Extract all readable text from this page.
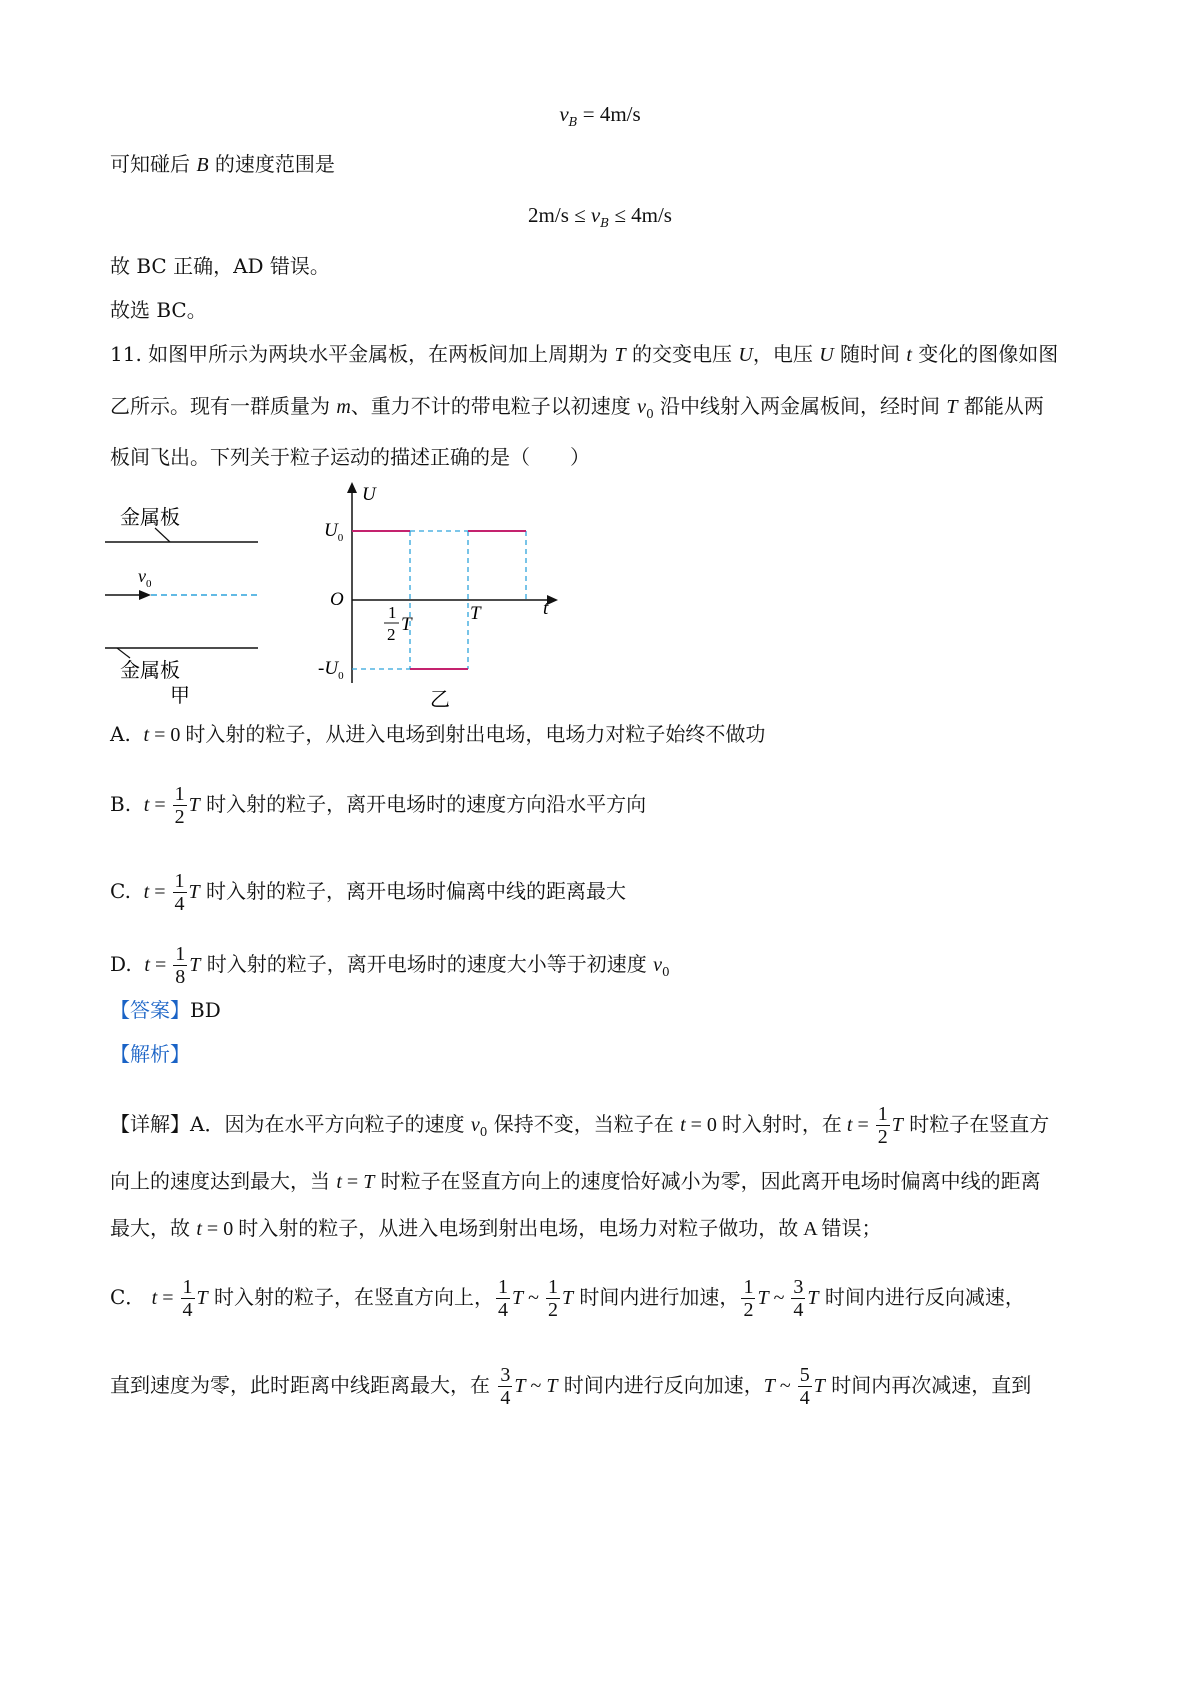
$v_B = 4m/s$
可知碰后 B 的速度范围是
$2m/s \le v_B \le 4m/s$
故 BC 正确，AD 错误。
故选 BC。
11. 如图甲所示为两块水平金属板，在两板间加上周期为 T 的交变电压 U，电压 U 随时间 t 变化的图像如图
乙所示。现有一群质量为 m、重力不计的带电粒子以初速度 $v_0$ 沿中线射入两金属板间，经时间 T 都能从两
板间飞出。下列关于粒子运动的描述正确的是（　　）
金属板
$v_0$
金属板
甲
U
t
O
$U_0$
$-U_0$
1
2 T
T
乙
A. t = 0 时入射的粒子，从进入电场到射出电场，电场力对粒子始终不做功
B. $t = \frac{1}{2}$ T 时入射的粒子，离开电场时的速度方向沿水平方向
C. $t = \frac{1}{4}$ T 时入射的粒子，离开电场时偏离中线的距离最大
D. $t = \frac{1}{8}$ T 时入射的粒子，离开电场时的速度大小等于初速度 $v_0$
【答案】BD
【解析】
【详解】A．因为在水平方向粒子的速度 $v_0$ 保持不变，当粒子在 t = 0 时入射时，在 $t = \frac{1}{2}$ T 时粒子在竖直方
向上的速度达到最大，当 t = T 时粒子在竖直方向上的速度恰好减小为零，因此离开电场时偏离中线的距离
最大，故 t = 0 时入射的粒子，从进入电场到射出电场，电场力对粒子做功，故 A 错误；
C． $t = \frac{1}{4}$ T 时入射的粒子，在竖直方向上， $\frac{1}{4}$ T ~ $\frac{1}{2}$ T 时间内进行加速， $\frac{1}{2}$ T ~ $\frac{3}{4}$ T 时间内进行反向减速，
直到速度为零，此时距离中线距离最大，在 $\frac{3}{4}$ T ~ T 时间内进行反向加速，T ~ $\frac{5}{4}$ T 时间内再次减速，直到
